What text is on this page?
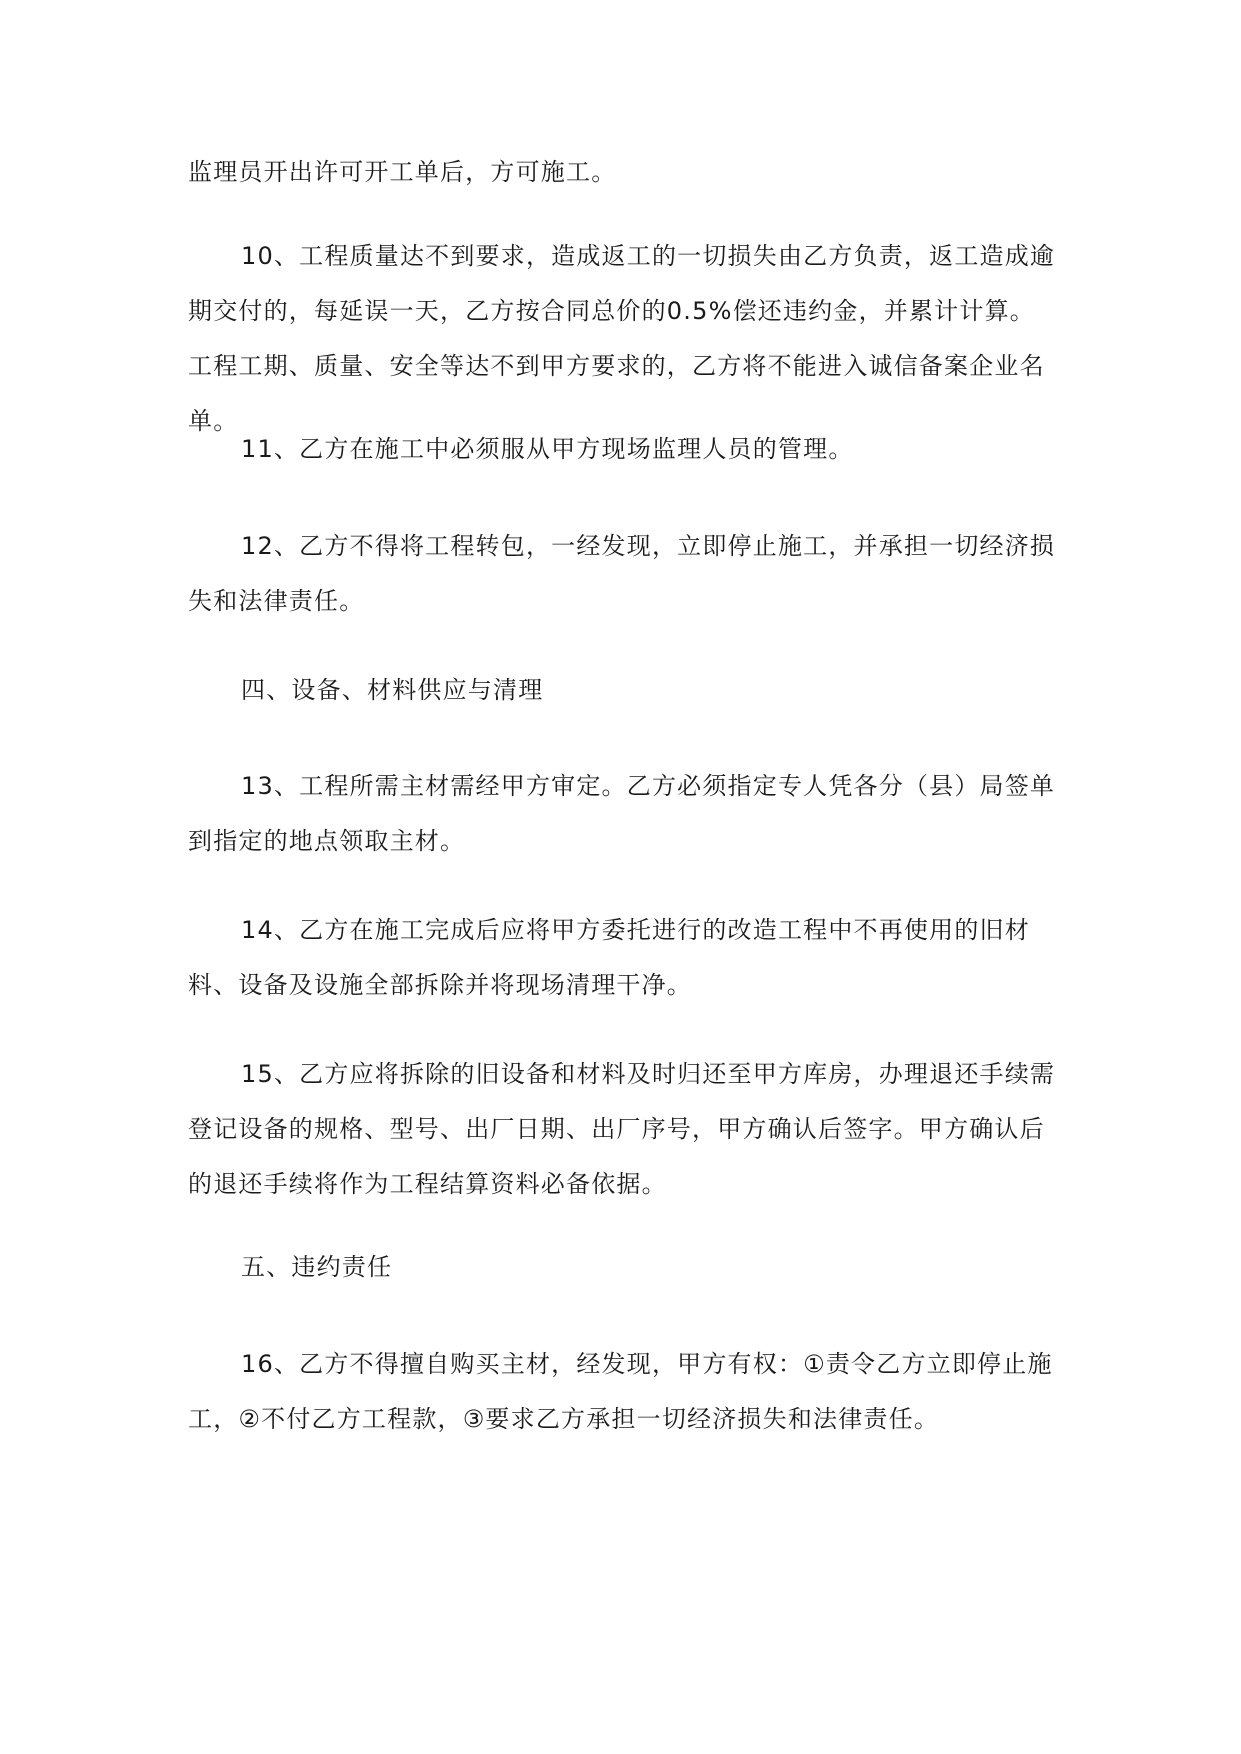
监理员开出许可开工单后，方可施工。

10、工程质量达不到要求，造成返工的一切损失由乙方负责，返工造成逾期交付的，每延误一天，乙方按合同总价的0.5%偿还违约金，并累计计算。工程工期、质量、安全等达不到甲方要求的，乙方将不能进入诚信备案企业名单。

11、乙方在施工中必须服从甲方现场监理人员的管理。

12、乙方不得将工程转包，一经发现，立即停止施工，并承担一切经济损失和法律责任。

四、设备、材料供应与清理

13、工程所需主材需经甲方审定。乙方必须指定专人凭各分（县）局签单到指定的地点领取主材。

14、乙方在施工完成后应将甲方委托进行的改造工程中不再使用的旧材料、设备及设施全部拆除并将现场清理干净。

15、乙方应将拆除的旧设备和材料及时归还至甲方库房，办理退还手续需登记设备的规格、型号、出厂日期、出厂序号，甲方确认后签字。甲方确认后的退还手续将作为工程结算资料必备依据。

五、违约责任

16、乙方不得擅自购买主材，经发现，甲方有权：①责令乙方立即停止施工，②不付乙方工程款，③要求乙方承担一切经济损失和法律责任。
